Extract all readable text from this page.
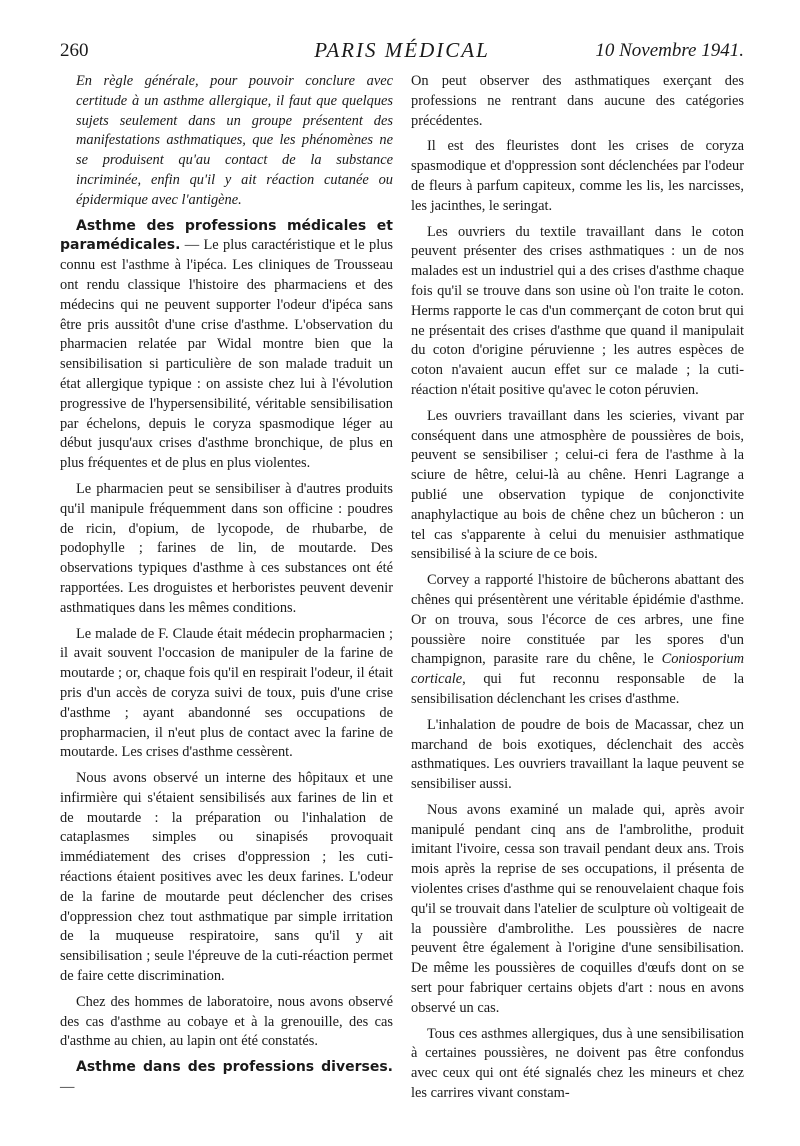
260	PARIS MÉDICAL	10 Novembre 1941.

En règle générale, pour pouvoir conclure avec certitude à un asthme allergique, il faut que quelques sujets seulement dans un groupe présentent des manifestations asthmatiques, que les phénomènes ne se produisent qu'au contact de la substance incriminée, enfin qu'il y ait réaction cutanée ou épidermique avec l'antigène.

Asthme des professions médicales et paramédicales. — Le plus caractéristique et le plus connu est l'asthme à l'ipéca. Les cliniques de Trousseau ont rendu classique l'histoire des pharmaciens et des médecins qui ne peuvent supporter l'odeur d'ipéca sans être pris aussitôt d'une crise d'asthme. L'observation du pharmacien relatée par Widal montre bien que la sensibilisation si particulière de son malade traduit un état allergique typique : on assiste chez lui à l'évolution progressive de l'hypersensibilité, véritable sensibilisation par échelons, depuis le coryza spasmodique léger au début jusqu'aux crises d'asthme bronchique, de plus en plus fréquentes et de plus en plus violentes.

Le pharmacien peut se sensibiliser à d'autres produits qu'il manipule fréquemment dans son officine : poudres de ricin, d'opium, de lycopode, de rhubarbe, de podophylle ; farines de lin, de moutarde. Des observations typiques d'asthme à ces substances ont été rapportées. Les droguistes et herboristes peuvent devenir asthmatiques dans les mêmes conditions.

Le malade de F. Claude était médecin propharmacien ; il avait souvent l'occasion de manipuler de la farine de moutarde ; or, chaque fois qu'il en respirait l'odeur, il était pris d'un accès de coryza suivi de toux, puis d'une crise d'asthme ; ayant abandonné ses occupations de propharmacien, il n'eut plus de contact avec la farine de moutarde. Les crises d'asthme cessèrent.

Nous avons observé un interne des hôpitaux et une infirmière qui s'étaient sensibilisés aux farines de lin et de moutarde : la préparation ou l'inhalation de cataplasmes simples ou sinapisés provoquait immédiatement des crises d'oppression ; les cuti-réactions étaient positives avec les deux farines. L'odeur de la farine de moutarde peut déclencher des crises d'oppression chez tout asthmatique par simple irritation de la muqueuse respiratoire, sans qu'il y ait sensibilisation ; seule l'épreuve de la cuti-réaction permet de faire cette discrimination.

Chez des hommes de laboratoire, nous avons observé des cas d'asthme au cobaye et à la grenouille, des cas d'asthme au chien, au lapin ont été constatés.

Asthme dans des professions diverses. —

On peut observer des asthmatiques exerçant des professions ne rentrant dans aucune des catégories précédentes.

Il est des fleuristes dont les crises de coryza spasmodique et d'oppression sont déclenchées par l'odeur de fleurs à parfum capiteux, comme les lis, les narcisses, les jacinthes, le seringat.

Les ouvriers du textile travaillant dans le coton peuvent présenter des crises asthmatiques : un de nos malades est un industriel qui a des crises d'asthme chaque fois qu'il se trouve dans son usine où l'on traite le coton. Herms rapporte le cas d'un commerçant de coton brut qui ne présentait des crises d'asthme que quand il manipulait du coton d'origine péruvienne ; les autres espèces de coton n'avaient aucun effet sur ce malade ; la cuti-réaction n'était positive qu'avec le coton péruvien.

Les ouvriers travaillant dans les scieries, vivant par conséquent dans une atmosphère de poussières de bois, peuvent se sensibiliser ; celui-ci fera de l'asthme à la sciure de hêtre, celui-là au chêne. Henri Lagrange a publié une observation typique de conjonctivite anaphylactique au bois de chêne chez un bûcheron : un tel cas s'apparente à celui du menuisier asthmatique sensibilisé à la sciure de ce bois.

Corvey a rapporté l'histoire de bûcherons abattant des chênes qui présentèrent une véritable épidémie d'asthme. Or on trouva, sous l'écorce de ces arbres, une fine poussière noire constituée par les spores d'un champignon, parasite rare du chêne, le Coniosporium corticale, qui fut reconnu responsable de la sensibilisation déclenchant les crises d'asthme.

L'inhalation de poudre de bois de Macassar, chez un marchand de bois exotiques, déclenchait des accès asthmatiques. Les ouvriers travaillant la laque peuvent se sensibiliser aussi.

Nous avons examiné un malade qui, après avoir manipulé pendant cinq ans de l'ambrolithe, produit imitant l'ivoire, cessa son travail pendant deux ans. Trois mois après la reprise de ses occupations, il présenta de violentes crises d'asthme qui se renouvelaient chaque fois qu'il se trouvait dans l'atelier de sculpture où voltigeait de la poussière d'ambrolithe. Les poussières de nacre peuvent être également à l'origine d'une sensibilisation. De même les poussières de coquilles d'œufs dont on se sert pour fabriquer certains objets d'art : nous en avons observé un cas.

Tous ces asthmes allergiques, dus à une sensibilisation à certaines poussières, ne doivent pas être confondus avec ceux qui ont été signalés chez les mineurs et chez les carrires vivant constam-
